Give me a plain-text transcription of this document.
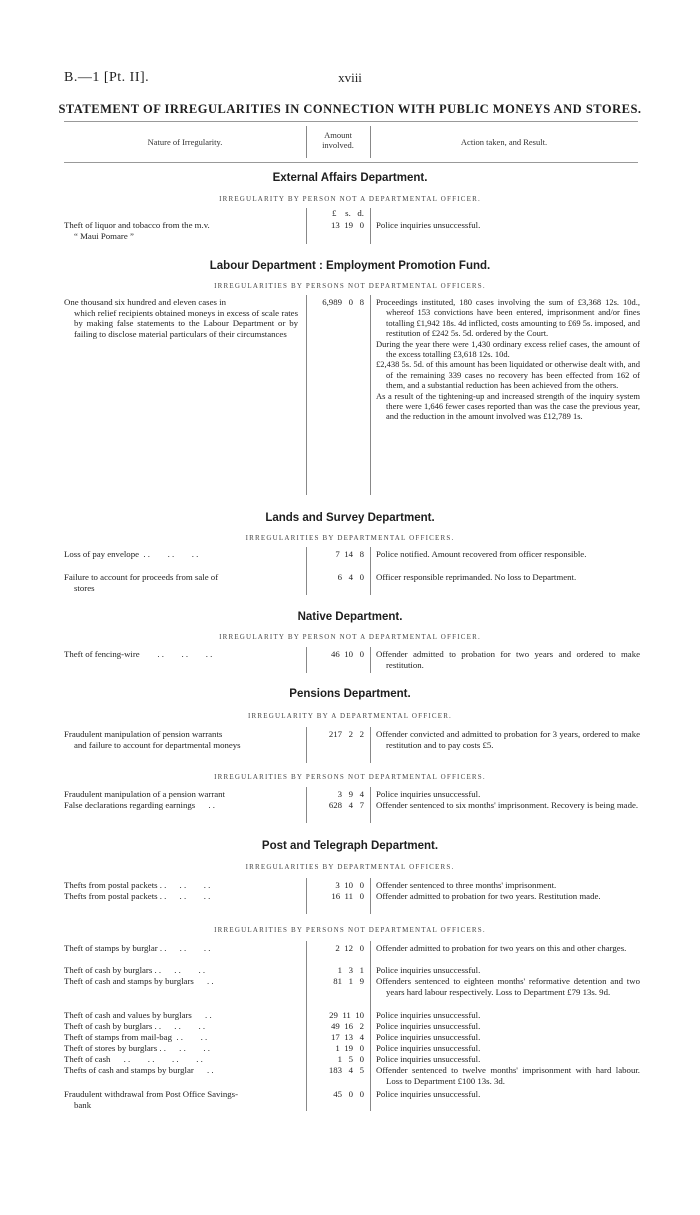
B.—1 [Pt. II].	xviii
STATEMENT OF IRREGULARITIES IN CONNECTION WITH PUBLIC MONEYS AND STORES.
Nature of Irregularity.
Amount
involved.	Action taken, and Result.
External Affairs Department.
IRREGULARITY BY PERSON NOT A DEPARTMENTAL OFFICER.
£    s.   d.
Theft of liquor and tobacco from the m.v.
“ Maui Pomare ”
13  19   0 Police inquiries unsuccessful.
Labour Department : Employment Promotion Fund.
IRREGULARITIES BY PERSONS NOT DEPARTMENTAL OFFICERS.
One thousand six hundred and eleven cases in
which relief recipients obtained moneys in excess of scale rates by making false statements to the Labour Department or by failing to disclose material particulars of their circumstances
6,989   0   8 Proceedings instituted, 180 cases involving the sum of £3,368 12s. 10d., whereof 153 convictions have been entered, imprisonment and/or fines totalling £1,942 18s. 4d inflicted, costs amounting to £69 5s. imposed, and restitution of £242 5s. 5d. ordered by the Court.

During the year there were 1,430 ordinary excess relief cases, the amount of the excess totalling £3,618 12s. 10d.

£2,438 5s. 5d. of this amount has been liquidated or otherwise dealt with, and of the remaining 339 cases no recovery has been effected from 162 of them, and a substantial reduction has been achieved from the others.

As a result of the tightening-up and increased strength of the inquiry system there were 1,646 fewer cases reported than was the case the previous year, and the reduction in the amount involved was £12,789 1s.

Lands and Survey Department.
IRREGULARITIES BY DEPARTMENTAL OFFICERS.
Loss of pay envelope  . .        . .        . .	7  14   8 Police notified. Amount recovered from officer responsible.

Failure to account for proceeds from sale of
stores
6   4   0 Officer responsible reprimanded. No loss to Department.

Native Department.
IRREGULARITY BY PERSON NOT A DEPARTMENTAL OFFICER.
Theft of fencing-wire        . .        . .        . .	46  10   0 Offender admitted to probation for two years and ordered to make restitution.

Pensions Department.
IRREGULARITY BY A DEPARTMENTAL OFFICER.
Fraudulent manipulation of pension warrants
and failure to account for departmental moneys
217   2   2 Offender convicted and admitted to probation for 3 years, ordered to make restitution and to pay costs £5.

IRREGULARITIES BY PERSONS NOT DEPARTMENTAL OFFICERS.
Fraudulent manipulation of a pension warrant	3   9   4 Police inquiries unsuccessful.

False declarations regarding earnings      . .	628   4   7 Offender sentenced to six months' imprisonment. Recovery is being made.

Post and Telegraph Department.
IRREGULARITIES BY DEPARTMENTAL OFFICERS.
Thefts from postal packets . .      . .        . .	3  10   0 Offender sentenced to three months' imprisonment.

Thefts from postal packets . .      . .        . .	16  11   0 Offender admitted to probation for two years. Restitution made.

IRREGULARITIES BY PERSONS NOT DEPARTMENTAL OFFICERS.
Theft of stamps by burglar . .      . .        . .	2  12   0 Offender admitted to probation for two years on this and other charges.

Theft of cash by burglars . .      . .        . .	1   3   1 Police inquiries unsuccessful.

Theft of cash and stamps by burglars      . .	81   1   9 Offenders sentenced to eighteen months' reformative detention and two years hard labour respectively. Loss to Department £79 13s. 9d.

Theft of cash and values by burglars      . .	29  11  10 Police inquiries unsuccessful.

Theft of cash by burglars . .      . .        . .	49  16   2 Police inquiries unsuccessful.

Theft of stamps from mail-bag  . .        . .	17  13   4 Police inquiries unsuccessful.

Theft of stores by burglars . .      . .        . .	1  19   0 Police inquiries unsuccessful.

Theft of cash      . .        . .        . .        . .	1   5   0 Police inquiries unsuccessful.

Thefts of cash and stamps by burglar      . .	183   4   5 Offender sentenced to twelve months' imprisonment with hard labour. Loss to Department £100 13s. 3d.

Fraudulent withdrawal from Post Office Savings-
bank
45   0   0 Police inquiries unsuccessful.
